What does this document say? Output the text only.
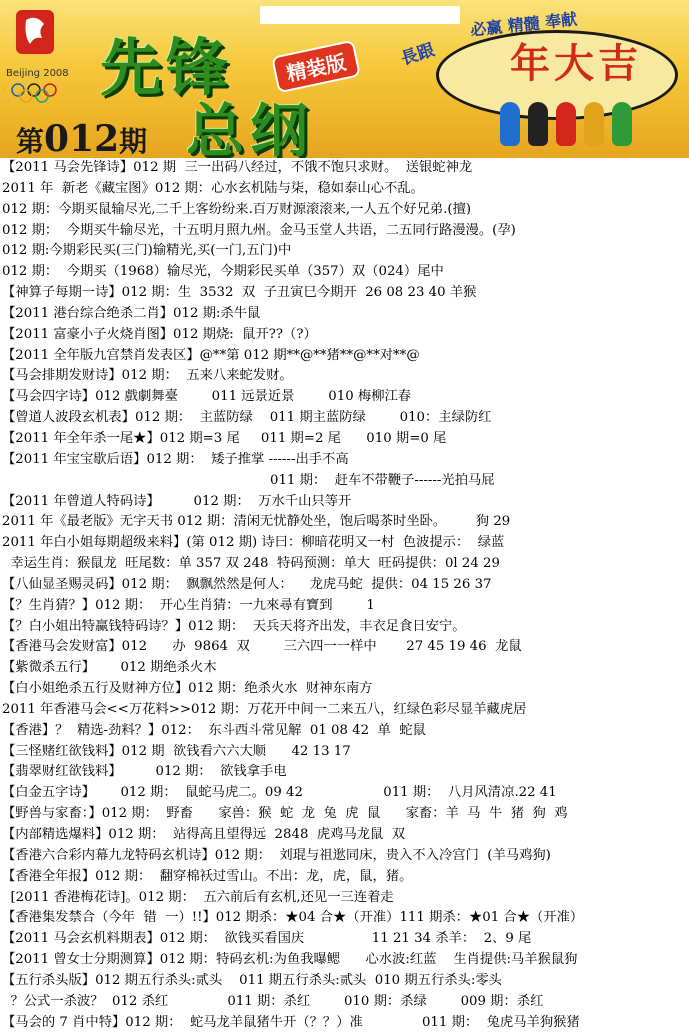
Beijing 2008 先锋	精装版
总纲
第012期
年大吉
必赢 精髓 奉献
長跟
【2011 马会先锋诗】012 期  三一出码八经过，不饿不饱只求财。  送银蛇神龙
2011 年  新老《藏宝图》012 期：心水玄机陆与柒，稳如泰山心不乱。
012 期：今期买鼠输尽光,二千上客纷纷来.百万财源滚滚来,一人五个好兄弟.(擅)
012 期：  今期买牛输尽光，十五明月照九州。金马玉堂人共语，二五同行路漫漫。(孕)
012 期:今期彩民买(三门)输精光,买(一门,五门)中
012 期：  今期买（1968）输尽光，今期彩民买单（357）双（024）尾中
【神算子每期一诗】012 期：生  3532  双  子丑寅巳今期开  26 08 23 40 羊猴
【2011 港台综合绝杀二肖】012 期:杀牛鼠
【2011 富豪小子火烧肖图】012 期烧:  鼠开??（?）
【2011 全年版九宫禁肖发表区】@**第 012 期**@**猪**@**对**@
【马会排期发财诗】012 期：  五来八来蛇发财。
【马会四字诗】012 戲劇舞臺        011 远景近景        010 梅柳江春
【曾道人波段玄机表】012 期：  主蓝防绿    011 期主蓝防绿        010：主绿防红
【2011 年全年杀一尾★】012 期=3 尾     011 期=2 尾      010 期=0 尾
【2011 年宝宝歇后语】012 期：  矮子推掌 ------出手不高
011 期：  赶车不带鞭子------光拍马屁
【2011 年曾道人特码诗】        012 期：  万水千山只等开
2011 年《最老版》无字天书 012 期：清闲无忧静处坐，饱后喝茶时坐卧。       狗 29
2011 年白小姐每期超级来料】(第 012 期) 诗曰：柳暗花明又一村  色波提示：  绿蓝
幸运生肖：猴鼠龙  旺尾数：单 357 双 248  特码预测：单大  旺码提供：0l 24 29
【八仙显圣赐灵码】012 期：  飘飘然然是何人：    龙虎马蛇  提供：04 15 26 37
【？生肖猜？】012 期：  开心生肖猜：一九來尋有寶到        1
【？白小姐出特赢钱特码诗？】012 期：  天兵天将齐出发，丰衣足食日安宁。
【香港马会发财富】012      办  9864  双        三六四一一样中       27 45 19 46  龙鼠
【紫微杀五行】      012 期绝杀火木
【白小姐绝杀五行及财神方位】012 期：绝杀火水  财神东南方
2011 年香港马会<<万花料>>012 期：万花开中间一二来五八，红绿色彩尽显羊藏虎居
【香港】？  精选-劲料？】012：  东斗西斗常见解  01 08 42  单  蛇鼠
【三怪赌红欲钱料】012 期  欲钱看六六大顺      42 13 17
【翡翠财红欲钱料】        012 期：  欲钱拿手电
【白金五字诗】      012 期：  鼠蛇马虎二。09 42                   011 期：  八月风清凉.22 41
【野兽与家畜：】012 期：  野畜      家兽：猴  蛇  龙  兔  虎  鼠      家畜：羊  马  牛  猪  狗  鸡
【内部精选爆料】012 期：  站得高且望得远  2848  虎鸡马龙鼠  双
【香港六合彩内幕九龙特码玄机诗】012 期：  刘琨与祖逖同床，贵入不入冷宫门  (羊马鸡狗)
【香港全年报】012 期：  翻穿棉袄过雪山。不出：龙，虎，鼠，猪。
[2011 香港梅花诗]。012 期：  五六前后有玄机,还见一三连着走
【香港集发禁合（今年  错  一）!!】012 期杀：★04 合★（开准）111 期杀：★01 合★（开准）
【2011 马会玄机料期表】012 期：  欲钱买看国庆                11 21 34 杀羊：  2、9 尾
【2011 曾女士分期测算】012 期：特码玄机:为鱼我曝鳃      心水波:红蓝    生肖提供:马羊猴鼠狗
【五行杀头版】012 期五行杀头:贰头    011 期五行杀头:贰头  010 期五行杀头:零头
？公式一杀波？  012 杀红              011 期：杀红        010 期：杀绿        009 期：杀红
【马会的 7 肖中特】012 期：  蛇马龙羊鼠猪牛开（？？）准              011 期：  兔虎马羊狗猴猪
